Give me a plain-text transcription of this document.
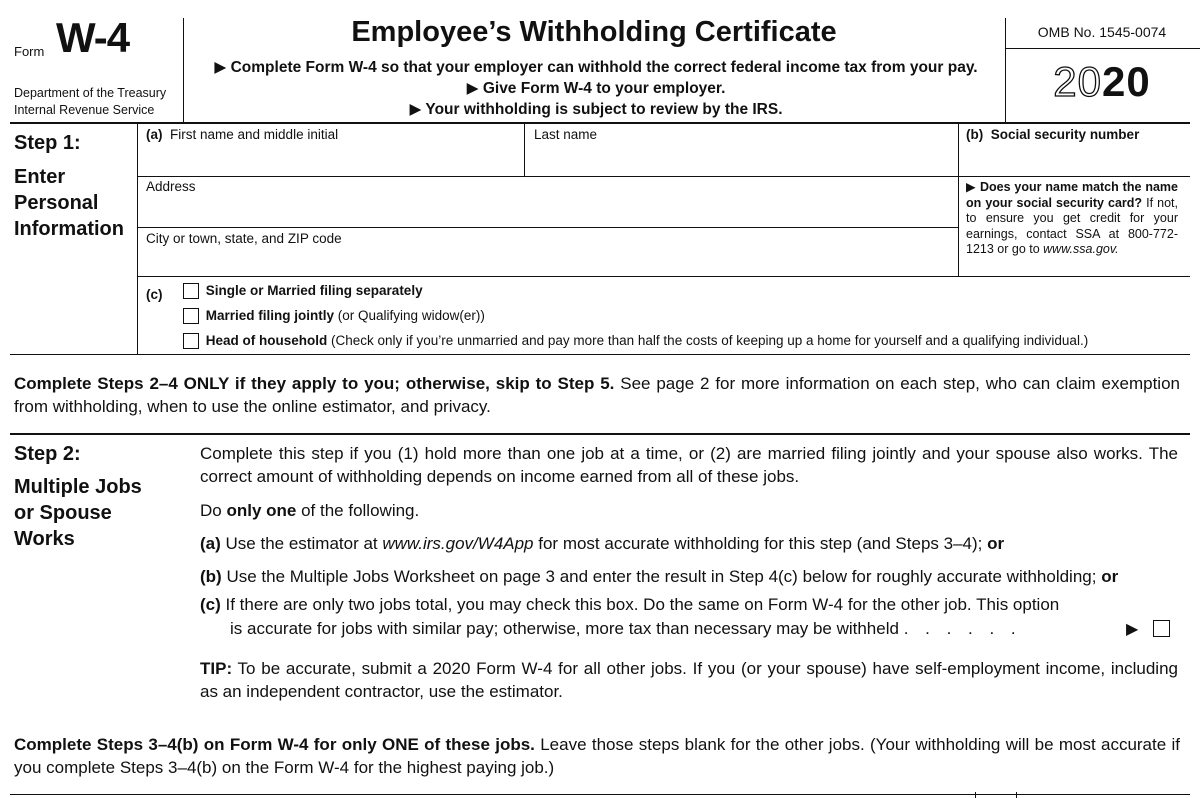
Form W-4
Department of the Treasury
Internal Revenue Service
Employee’s Withholding Certificate
▶ Complete Form W-4 so that your employer can withhold the correct federal income tax from your pay.
▶ Give Form W-4 to your employer.
▶ Your withholding is subject to review by the IRS.
OMB No. 1545-0074
2020
Step 1:
Enter
Personal
Information
(a) First name and middle initial	Last name	(b) Social security number
Address
City or town, state, and ZIP code
▶ Does your name match the name on your social security card? If not, to ensure you get credit for your earnings, contact SSA at 800-772-1213 or go to www.ssa.gov.
(c)	Single or Married filing separately
Married filing jointly (or Qualifying widow(er))
Head of household (Check only if you’re unmarried and pay more than half the costs of keeping up a home for yourself and a qualifying individual.)
Complete Steps 2–4 ONLY if they apply to you; otherwise, skip to Step 5. See page 2 for more information on each step, who can claim exemption from withholding, when to use the online estimator, and privacy.
Step 2:
Multiple Jobs
or Spouse
Works
Complete this step if you (1) hold more than one job at a time, or (2) are married filing jointly and your spouse also works. The correct amount of withholding depends on income earned from all of these jobs.
Do only one of the following.
(a) Use the estimator at www.irs.gov/W4App for most accurate withholding for this step (and Steps 3–4); or
(b) Use the Multiple Jobs Worksheet on page 3 and enter the result in Step 4(c) below for roughly accurate withholding; or
(c) If there are only two jobs total, you may check this box. Do the same on Form W-4 for the other job. This option
is accurate for jobs with similar pay; otherwise, more tax than necessary may be withheld . . . . . .	▶
TIP: To be accurate, submit a 2020 Form W-4 for all other jobs. If you (or your spouse) have self-employment income, including as an independent contractor, use the estimator.
Complete Steps 3–4(b) on Form W-4 for only ONE of these jobs. Leave those steps blank for the other jobs. (Your withholding will be most accurate if you complete Steps 3–4(b) on the Form W-4 for the highest paying job.)
